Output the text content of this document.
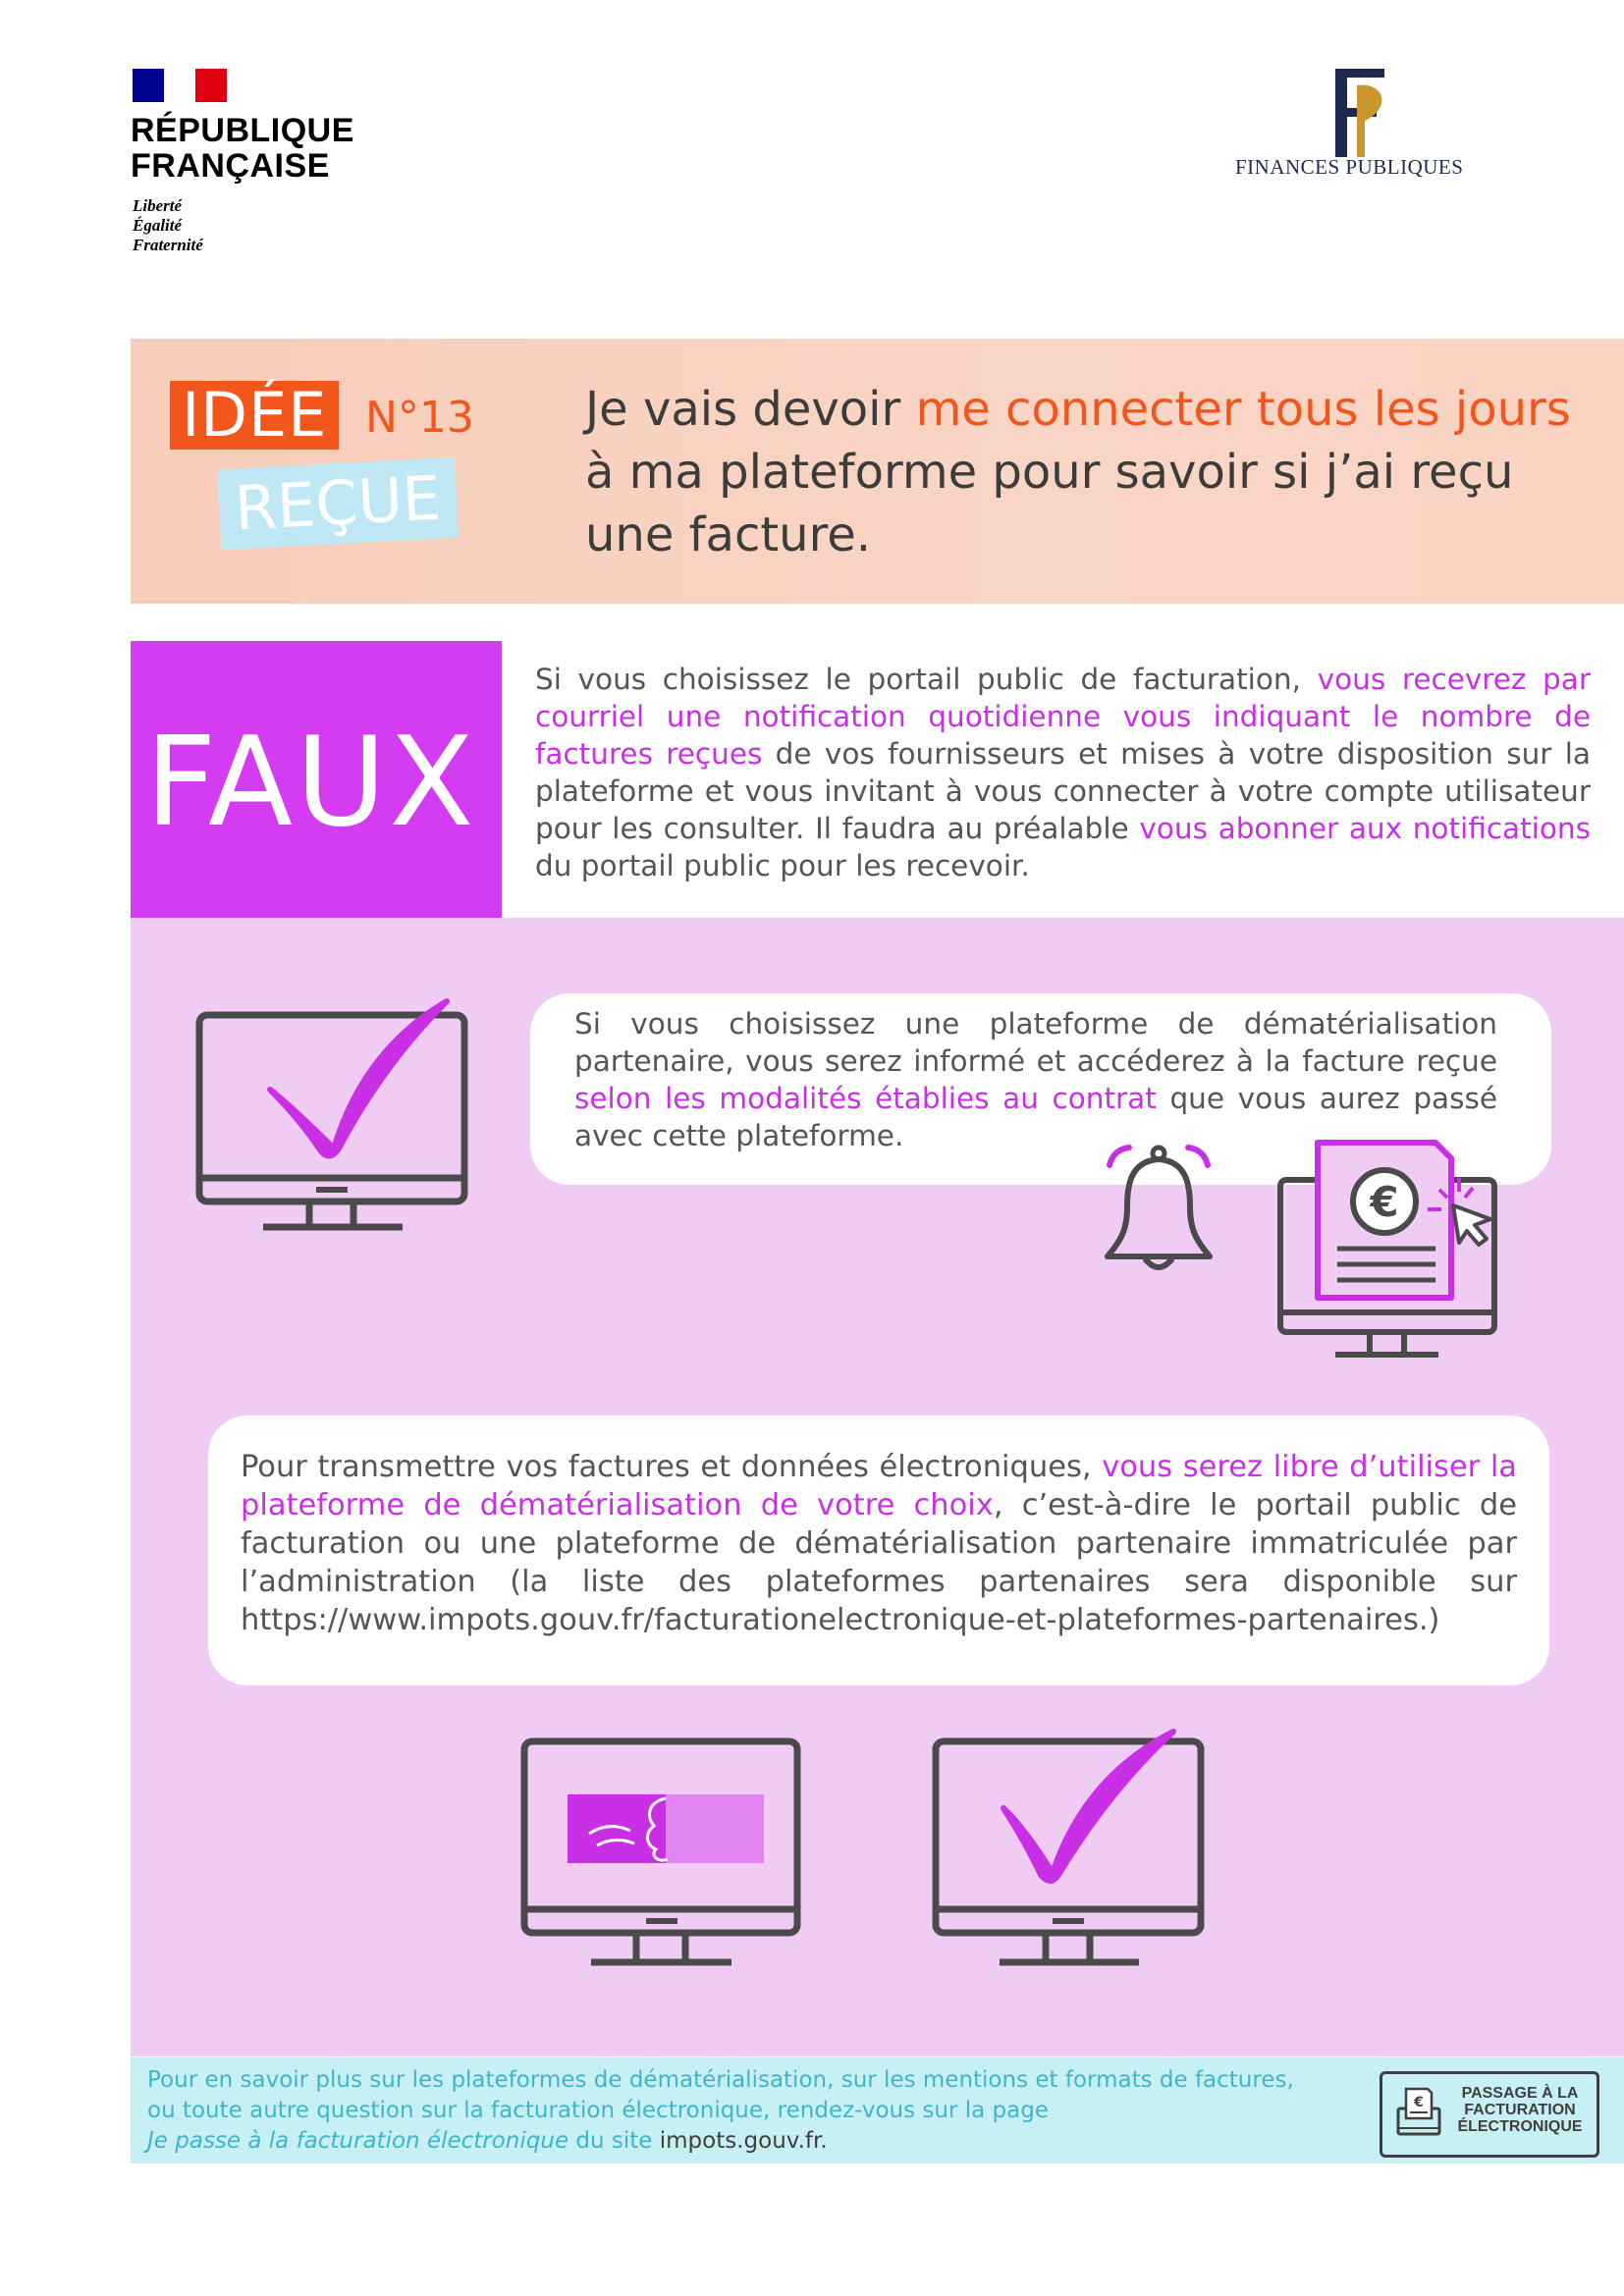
RÉPUBLIQUE
FRANÇAISE
Liberté
Égalité
Fraternité
FINANCES PUBLIQUES
IDÉE
REÇUE
N°13 Je vais devoir me connecter tous les jours à ma plateforme pour savoir si j’ai reçu une facture.
FAUX
Si vous choisissez le portail public de facturation, vous recevrez par courriel une notification quotidienne vous indiquant le nombre de factures reçues de vos fournisseurs et mises à votre disposition sur la plateforme et vous invitant à vous connecter à votre compte utilisateur pour les consulter. Il faudra au préalable vous abonner aux notifications du portail public pour les recevoir.
Si vous choisissez une plateforme de dématérialisation partenaire, vous serez informé et accéderez à la facture reçue selon les modalités établies au contrat que vous aurez passé avec cette plateforme.
€
Pour transmettre vos factures et données électroniques, vous serez libre d’utiliser la plateforme de dématérialisation de votre choix, c’est-à-dire le portail public de facturation ou une plateforme de dématérialisation partenaire immatriculée par l’administration (la liste des plateformes partenaires sera disponible sur https://www.impots.gouv.fr/facturationelectronique-et-plateformes-partenaires.)
Pour en savoir plus sur les plateformes de dématérialisation, sur les mentions et formats de factures,
ou toute autre question sur la facturation électronique, rendez-vous sur la page
Je passe à la facturation électronique du site impots.gouv.fr.
€
PASSAGE À LA
FACTURATION
ÉLECTRONIQUE
